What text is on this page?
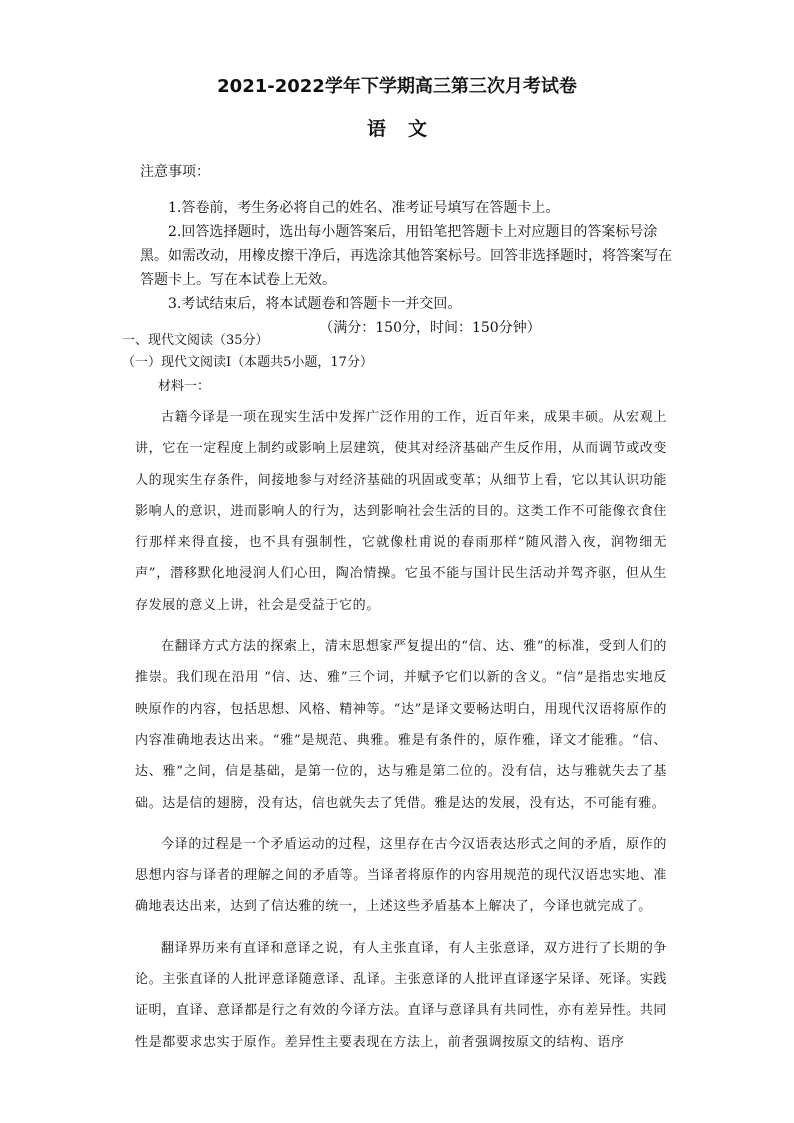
2021-2022学年下学期高三第三次月考试卷
语文

注意事项：

1.答卷前，考生务必将自己的姓名、准考证号填写在答题卡上。

2.回答选择题时，选出每小题答案后，用铅笔把答题卡上对应题目的答案标号涂黑。如需改动，用橡皮擦干净后，再选涂其他答案标号。回答非选择题时，将答案写在答题卡上。写在本试卷上无效。

3.考试结束后，将本试题卷和答题卡一并交回。

（满分：150分，时间：150分钟）

一、现代文阅读（35分）

（一）现代文阅读Ⅰ（本题共5小题，17分）

材料一：

古籍今译是一项在现实生活中发挥广泛作用的工作，近百年来，成果丰硕。从宏观上讲，它在一定程度上制约或影响上层建筑，使其对经济基础产生反作用，从而调节或改变人的现实生存条件，间接地参与对经济基础的巩固或变革；从细节上看，它以其认识功能影响人的意识，进而影响人的行为，达到影响社会生活的目的。这类工作不可能像衣食住行那样来得直接，也不具有强制性，它就像杜甫说的春雨那样“随风潜入夜，润物细无声”，潜移默化地浸润人们心田，陶冶情操。它虽不能与国计民生活动并驾齐驱，但从生存发展的意义上讲，社会是受益于它的。

在翻译方式方法的探索上，清末思想家严复提出的“信、达、雅”的标准，受到人们的推崇。我们现在沿用 “信、达、雅”三个词，并赋予它们以新的含义。“信”是指忠实地反映原作的内容，包括思想、风格、精神等。“达”是译文要畅达明白，用现代汉语将原作的内容准确地表达出来。“雅”是规范、典雅。雅是有条件的，原作雅，译文才能雅。“信、达、雅”之间，信是基础，是第一位的，达与雅是第二位的。没有信，达与雅就失去了基础。达是信的翅膀，没有达，信也就失去了凭借。雅是达的发展，没有达，不可能有雅。

今译的过程是一个矛盾运动的过程，这里存在古今汉语表达形式之间的矛盾，原作的思想内容与译者的理解之间的矛盾等。当译者将原作的内容用规范的现代汉语忠实地、准确地表达出来，达到了信达雅的统一，上述这些矛盾基本上解决了，今译也就完成了。

翻译界历来有直译和意译之说，有人主张直译，有人主张意译，双方进行了长期的争论。主张直译的人批评意译随意译、乱译。主张意译的人批评直译逐字呆译、死译。实践证明，直译、意译都是行之有效的今译方法。直译与意译具有共同性，亦有差异性。共同性是都要求忠实于原作。差异性主要表现在方法上，前者强调按原文的结构、语序
